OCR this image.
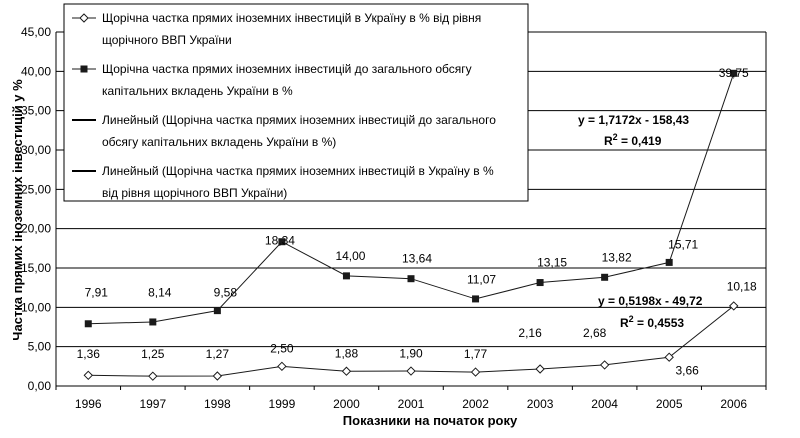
0,00
5,00
10,00
15,00
20,00
25,00
30,00
35,00
40,00
45,00
1996	1997	1998	1999	2000	2001	2002	2003	2004	2005	2006
7,91	8,14	9,58
18,34
14,00	13,64
11,07
13,15	13,82
15,71
39,75
1,36	1,25	1,27	2,50	1,88	1,90	1,77
2,16	2,68
3,66
10,18
Показники на початок року
Частка прямих іноземних інвестицій у %	y = 1,7172x - 158,43
$R^2 = 0,419$
y = 0,5198x - 49,72
$R^2 = 0,4553$
Щорічна частка прямих іноземних інвестицій в Україну в % від рівня
щорічного ВВП України
Щорічна частка прямих іноземних інвестицій до загального обсягу
капітальних вкладень України в %
Линейный (Щорічна частка прямих іноземних інвестицій до загального
обсягу капітальних вкладень України в %)
Линейный (Щорічна частка прямих іноземних інвестицій в Україну в %
від рівня щорічного ВВП України)
